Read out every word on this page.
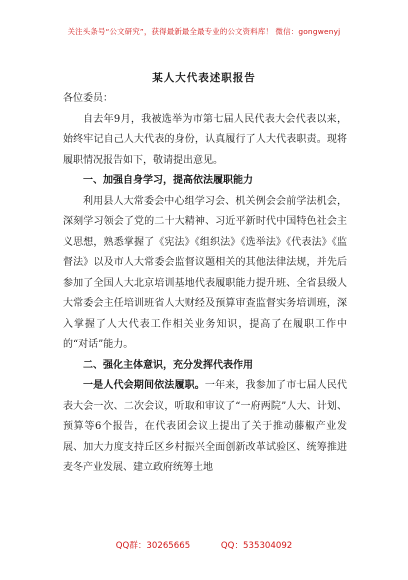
关注头条号“公文研究”，获得最新最全最专业的公文资料库！ 微信：gongwenyj
某人大代表述职报告

各位委员：

自去年9月，我被选举为市第七届人民代表大会代表以来，始终牢记自己人大代表的身份，认真履行了人大代表职责。现将履职情况报告如下，敬请提出意见。

一、加强自身学习，提高依法履职能力

利用县人大常委会中心组学习会、机关例会会前学法机会，深刻学习领会了党的二十大精神、习近平新时代中国特色社会主义思想，熟悉掌握了《宪法》《组织法》《选举法》《代表法》《监督法》以及市人大常委会监督议题相关的其他法律法规，并先后参加了全国人大北京培训基地代表履职能力提升班、全省县级人大常委会主任培训班省人大财经及预算审查监督实务培训班，深入掌握了人大代表工作相关业务知识，提高了在履职工作中的“对话”能力。

二、强化主体意识，充分发挥代表作用

一是人代会期间依法履职。一年来，我参加了市七届人民代表大会一次、二次会议，听取和审议了“一府两院”人大、计划、预算等6个报告，在代表团会议上提出了关于推动藤椒产业发展、加大力度支持丘区乡村振兴全面创新改革试验区、统筹推进麦冬产业发展、建立政府统筹土地

QQ群：30265665	QQ：535304092
